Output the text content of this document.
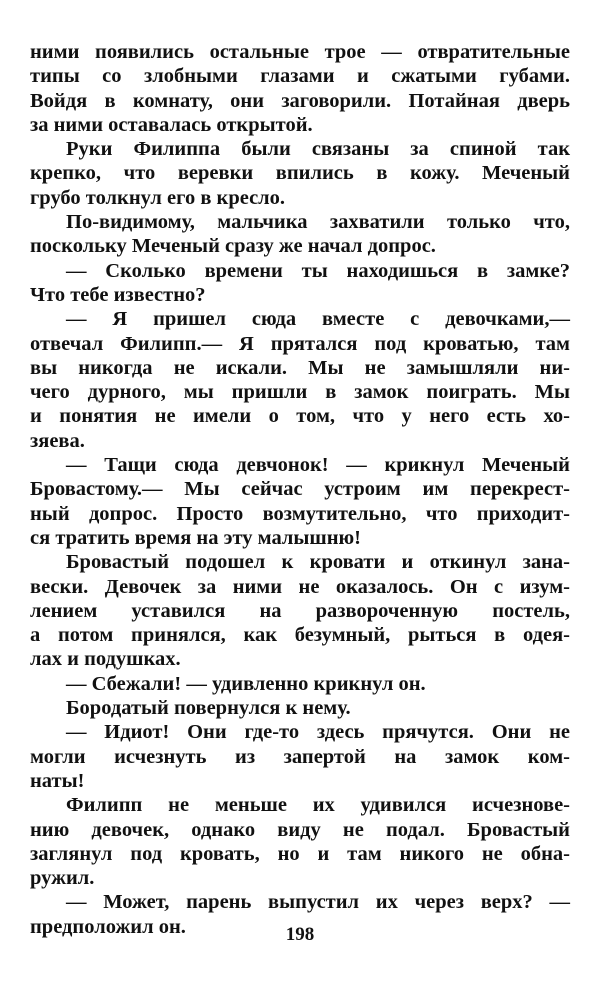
ними появились остальные трое — отвратительные
типы со злобными глазами и сжатыми губами.
Войдя в комнату, они заговорили. Потайная дверь
за ними оставалась открытой.
Руки Филиппа были связаны за спиной так
крепко, что веревки впились в кожу. Меченый
грубо толкнул его в кресло.
По-видимому, мальчика захватили только что,
поскольку Меченый сразу же начал допрос.
— Сколько времени ты находишься в замке?
Что тебе известно?
— Я пришел сюда вместе с девочками,—
отвечал Филипп.— Я прятался под кроватью, там
вы никогда не искали. Мы не замышляли ни-
чего дурного, мы пришли в замок поиграть. Мы
и понятия не имели о том, что у него есть хо-
зяева.
— Тащи сюда девчонок! — крикнул Меченый
Бровастому.— Мы сейчас устроим им перекрест-
ный допрос. Просто возмутительно, что приходит-
ся тратить время на эту малышню!
Бровастый подошел к кровати и откинул зана-
вески. Девочек за ними не оказалось. Он с изум-
лением уставился на развороченную постель,
а потом принялся, как безумный, рыться в одея-
лах и подушках.
— Сбежали! — удивленно крикнул он.
Бородатый повернулся к нему.
— Идиот! Они где-то здесь прячутся. Они не
могли исчезнуть из запертой на замок ком-
наты!
Филипп не меньше их удивился исчезнове-
нию девочек, однако виду не подал. Бровастый
заглянул под кровать, но и там никого не обна-
ружил.
— Может, парень выпустил их через верх? —
предположил он.	198
